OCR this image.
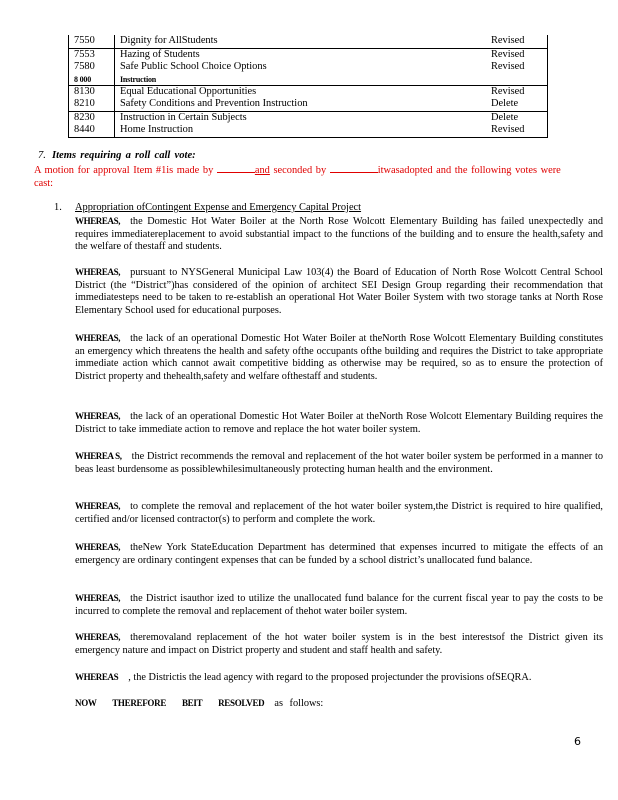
7550	Dignity for AllStudents	Revised
7553	Hazing of Students	Revised
7580	Safe Public School Choice Options	Revised
8 000	Instruction
8130	Equal Educational Opportunities	Revised
8210	Safety Conditions and Prevention Instruction	Delete
8230	Instruction in Certain Subjects	Delete
8440	Home Instruction	Revised
7. Items requiring a roll call vote:
A motion for approval Item #1is made by	and seconded by	itwasadopted and the following votes were cast:
1. Appropriation ofContingent Expense and Emergency Capital Project
WHEREAS, the Domestic Hot Water Boiler at the North Rose Wolcott Elementary Building has failed unexpectedly and requires immediatereplacement to avoid substantial impact to the functions of the building and to ensure the health,safety and the welfare of thestaff and students.
WHEREAS, pursuant to NYSGeneral Municipal Law 103(4) the Board of Education of North Rose Wolcott Central School District (the “District”)has considered of the opinion of architect SEI Design Group regarding their recommendation that immediatesteps need to be taken to re-establish an operational Hot Water Boiler System with two storage tanks at North Rose Elementary School used for educational purposes.
WHEREAS, the lack of an operational Domestic Hot Water Boiler at theNorth Rose Wolcott Elementary Building constitutes an emergency which threatens the health and safety ofthe occupants ofthe building and requires the District to take appropriate immediate action which cannot await competitive bidding as otherwise may be required, so as to ensure the protection of District property and thehealth,safety and welfare ofthestaff and students.
WHEREAS, the lack of an operational Domestic Hot Water Boiler at theNorth Rose Wolcott Elementary Building requires the District to take immediate action to remove and replace the hot water boiler system.
WHEREA S, the District recommends the removal and replacement of the hot water boiler system be performed in a manner to beas least burdensome as possiblewhilesimultaneously protecting human health and the environment.
WHEREAS, to complete the removal and replacement of the hot water boiler system,the District is required to hire qualified, certified and/or licensed contractor(s) to perform and complete the work.
WHEREAS, theNew York StateEducation Department has determined that expenses incurred to mitigate the effects of an emergency are ordinary contingent expenses that can be funded by a school district’s unallocated fund balance.
WHEREAS, the District isauthor ized to utilize the unallocated fund balance for the current fiscal year to pay the costs to be incurred to complete the removal and replacement of thehot water boiler system.
WHEREAS, theremovaland replacement of the hot water boiler system is in the best interestsof the District given its emergency nature and impact on District property and student and staff health and safety.
WHEREAS , the Districtis the lead agency with regard to the proposed projectunder the provisions ofSEQRA.
NOW THEREFORE BEIT RESOLVED as follows:
6
